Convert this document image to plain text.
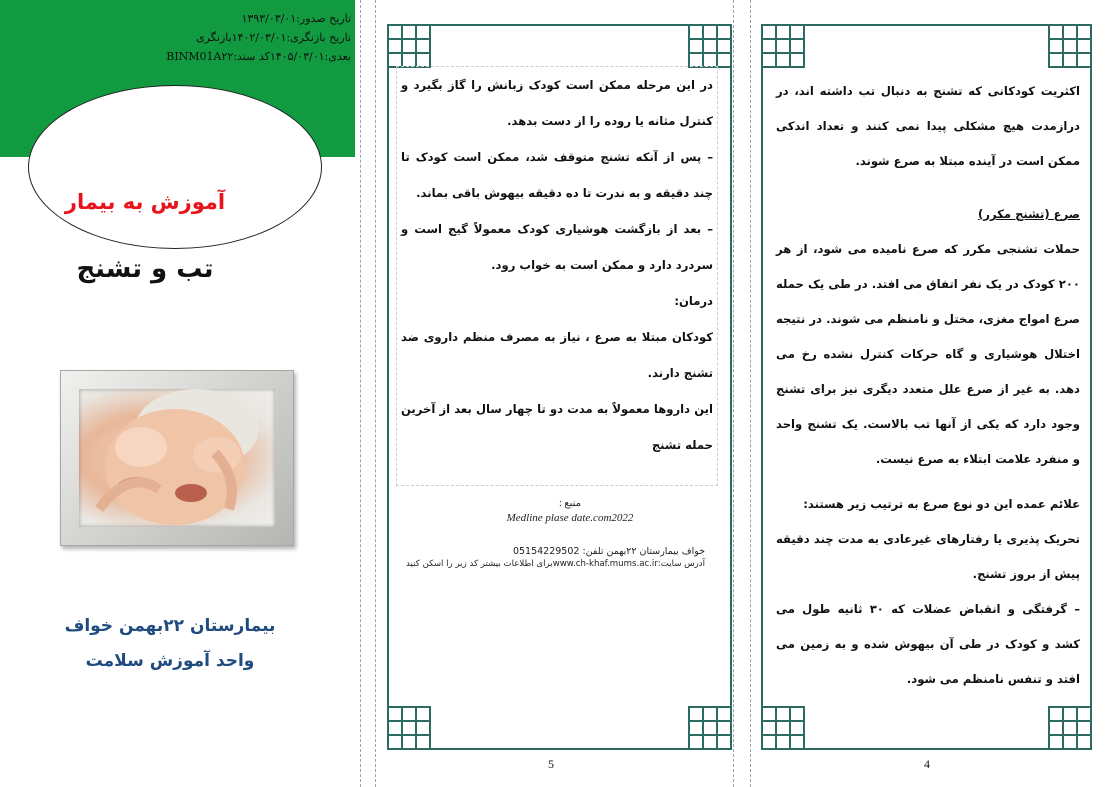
تاریخ صدور:۱۳۹۳/۰۳/۰۱
تاریخ بازنگری:۱۴۰۲/۰۳/۰۱بازنگری
بعدی:۱۴۰۵/۰۳/۰۱کد سند:BINM01A۲۲
آموزش به بیمار
تب و تشنج
بیمارستان ۲۲بهمن خواف
واحد آموزش سلامت

در این مرحله ممکن است کودک زبانش را گاز بگیرد و کنترل مثانه یا روده را از دست بدهد.

– پس از آنکه تشنج متوقف شد، ممکن است کودک تا چند دقیقه و به ندرت تا ده دقیقه بیهوش باقی بماند.

– بعد از بازگشت هوشیاری کودک معمولاً گیج است و سردرد دارد و ممکن است به خواب رود.

درمان:

کودکان مبتلا به صرع ، نیاز به مصرف منظم داروی ضد تشنج دارند.

این داروها معمولاً به مدت دو تا چهار سال بعد از آخرین حمله تشنج

منبع :
Medline plase date.com2022
خواف بیمارستان ۲۲بهمن تلفن: 05154229502
آدرس سایت:www.ch-khaf.mums.ac.irبرای اطلاعات بیشتر کد زیر را اسکن کنید
5

اکثریت کودکانی که تشنج به دنبال تب داشته اند، در درازمدت هیچ مشکلی پیدا نمی کنند و تعداد اندکی ممکن است در آینده مبتلا به صرع شوند.

صرع (تشنج مکرر)

حملات تشنجی مکرر که صرع نامیده می شود، از هر ۲۰۰ کودک در یک نفر اتفاق می افتد. در طی یک حمله صرع امواج مغزی، مختل و نامنظم می شوند. در نتیجه اختلال هوشیاری و گاه حرکات کنترل نشده رخ می دهد. به غیر از صرع علل متعدد دیگری نیز برای تشنج وجود دارد که یکی از آنها تب بالاست. یک تشنج واحد و منفرد علامت ابتلاء به صرع نیست.

علائم عمده این دو نوع صرع به ترتیب زیر هستند:

تحریک پذیری یا رفتارهای غیرعادی به مدت چند دقیقه پیش از بروز تشنج.

– گرفتگی و انقباض عضلات که ۳۰ ثانیه طول می کشد و کودک در طی آن بیهوش شده و به زمین می افتد و تنفس نامنظم می شود.

4
